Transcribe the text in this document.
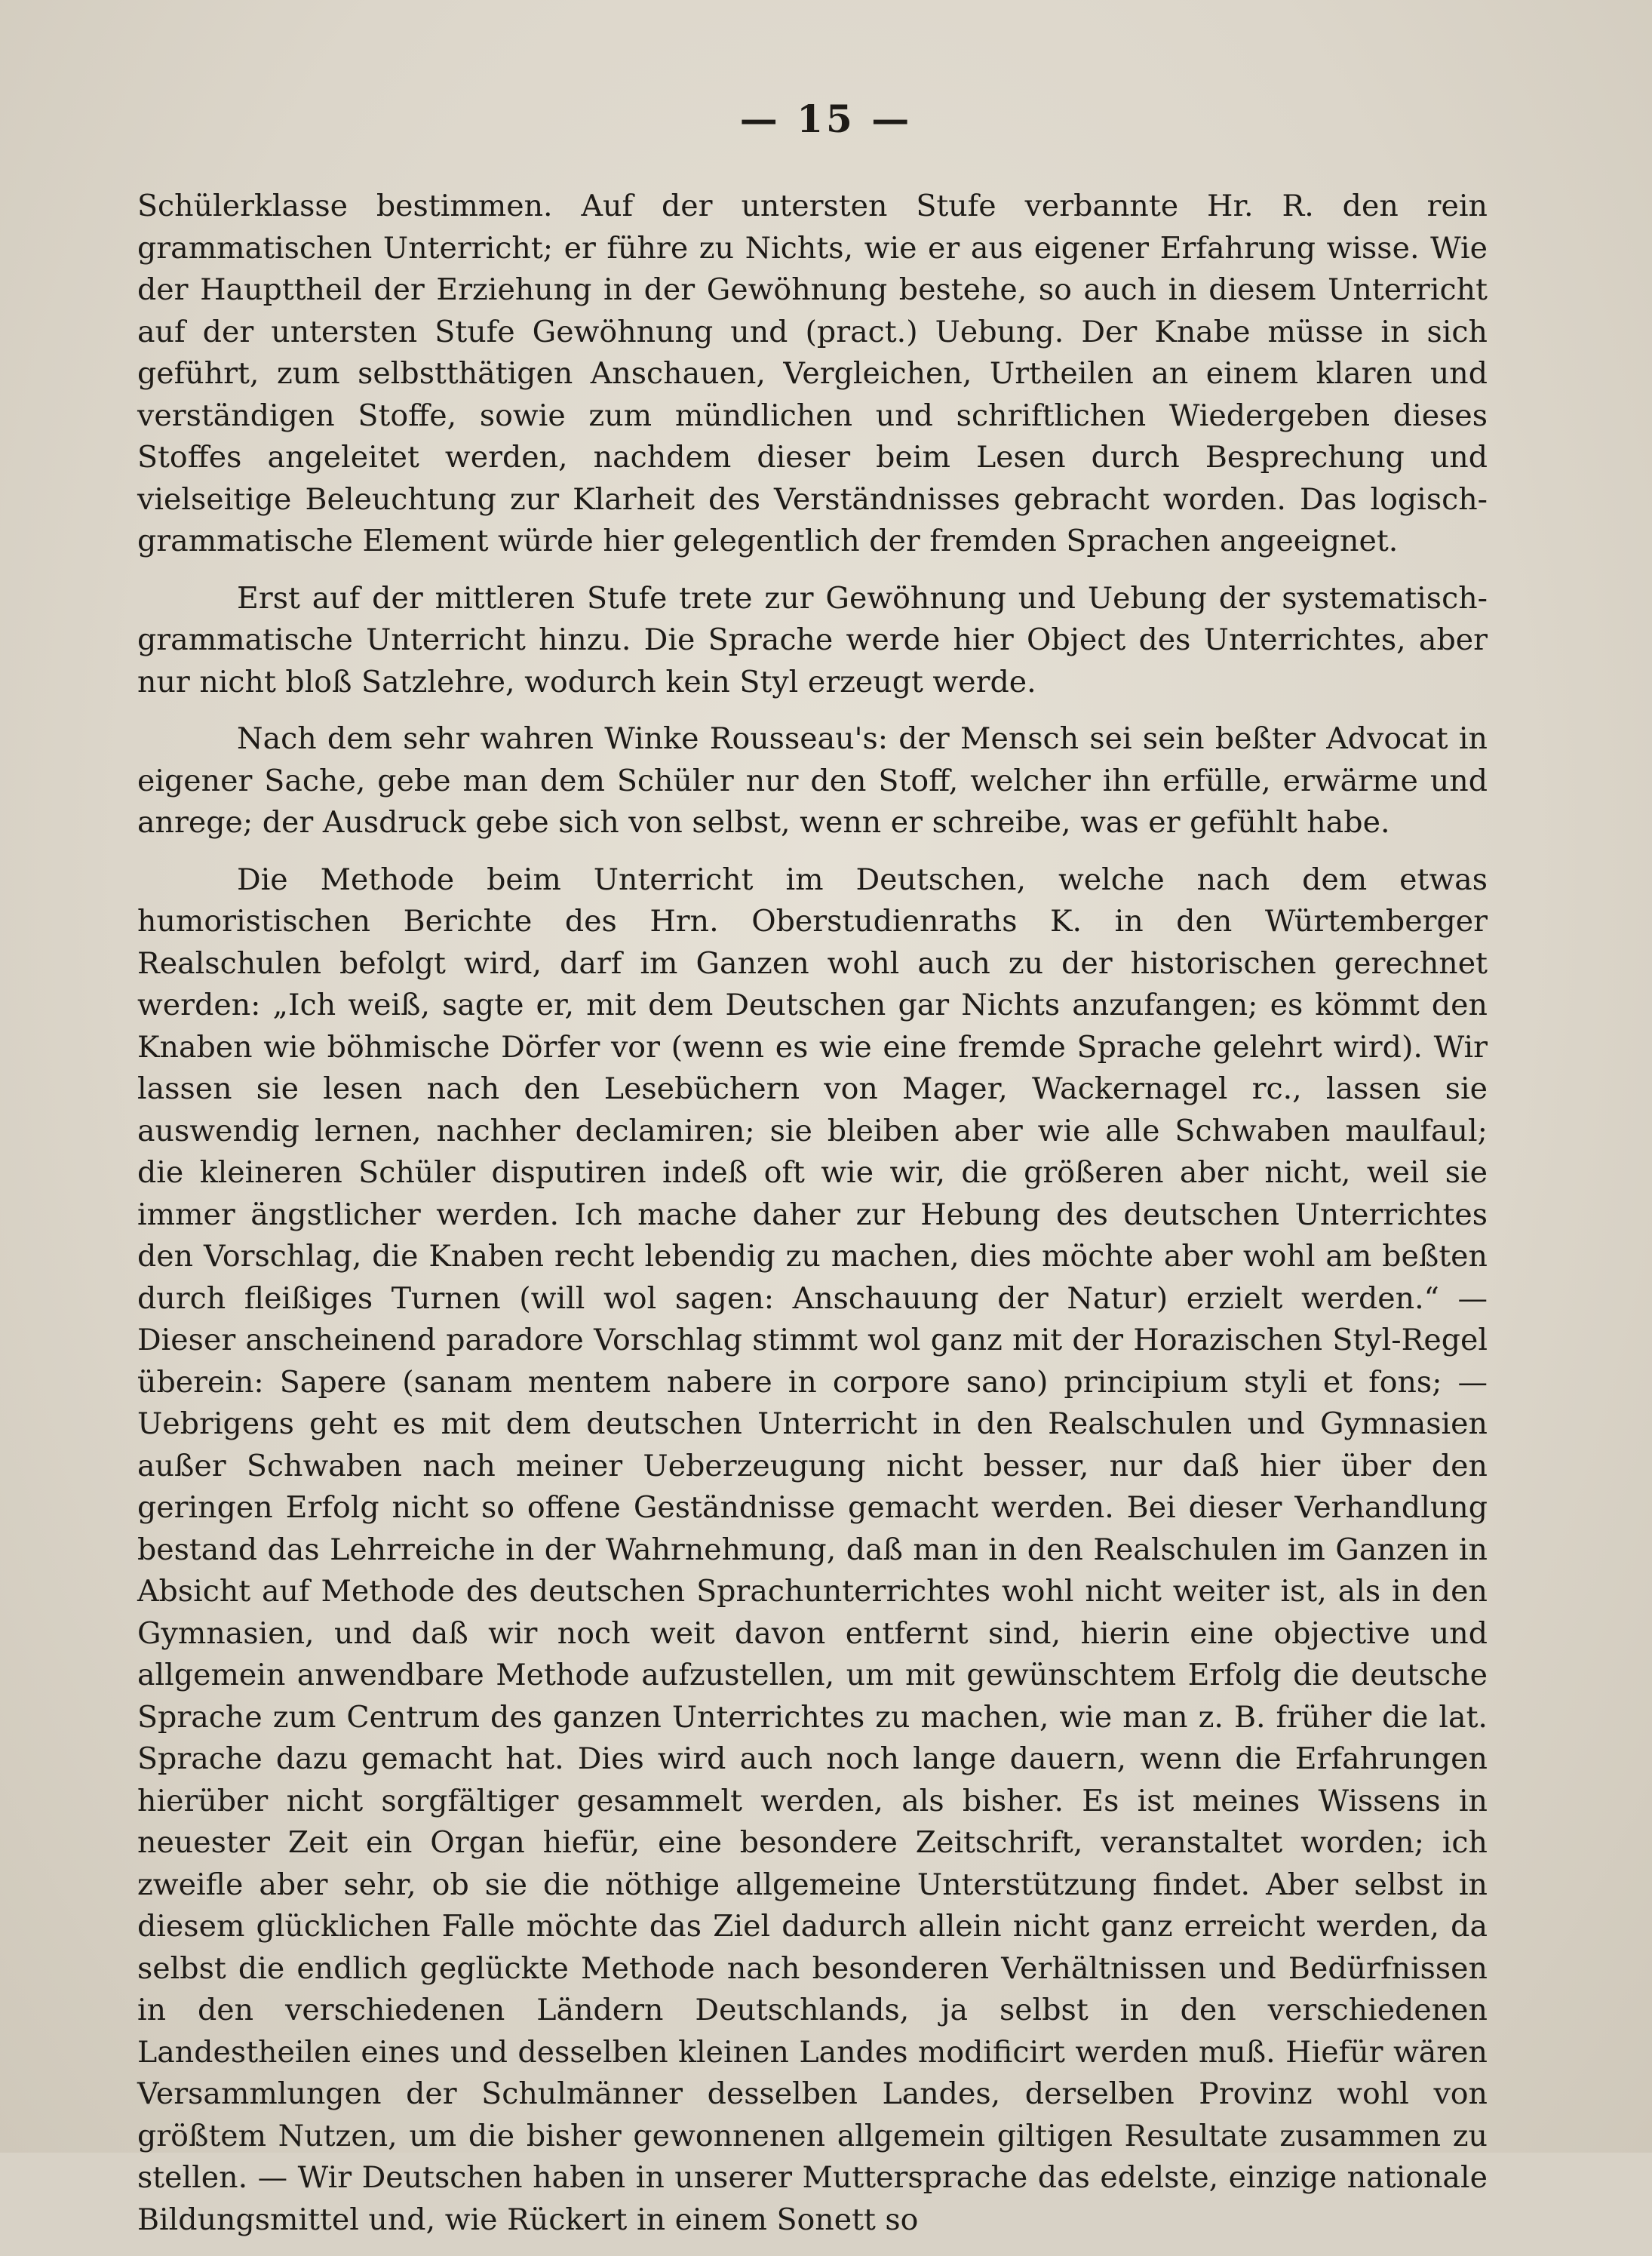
— 15 —

Schülerklasse bestimmen. Auf der untersten Stufe verbannte Hr. R. den rein grammatischen Unterricht; er führe zu Nichts, wie er aus eigener Erfahrung wisse. Wie der Haupttheil der Erziehung in der Gewöhnung bestehe, so auch in diesem Unterricht auf der untersten Stufe Gewöhnung und (pract.) Uebung. Der Knabe müsse in sich geführt, zum selbstthätigen Anschauen, Vergleichen, Urtheilen an einem klaren und verständigen Stoffe, sowie zum mündlichen und schriftlichen Wiedergeben dieses Stoffes angeleitet werden, nachdem dieser beim Lesen durch Besprechung und vielseitige Beleuchtung zur Klarheit des Verständnisses gebracht worden. Das logisch-grammatische Element würde hier gelegentlich der fremden Sprachen angeeignet.

Erst auf der mittleren Stufe trete zur Gewöhnung und Uebung der systematisch-grammatische Unterricht hinzu. Die Sprache werde hier Object des Unterrichtes, aber nur nicht bloß Satzlehre, wodurch kein Styl erzeugt werde.

Nach dem sehr wahren Winke Rousseau's: der Mensch sei sein beßter Advocat in eigener Sache, gebe man dem Schüler nur den Stoff, welcher ihn erfülle, erwärme und anrege; der Ausdruck gebe sich von selbst, wenn er schreibe, was er gefühlt habe.

Die Methode beim Unterricht im Deutschen, welche nach dem etwas humoristischen Berichte des Hrn. Oberstudienraths K. in den Würtemberger Realschulen befolgt wird, darf im Ganzen wohl auch zu der historischen gerechnet werden: „Ich weiß, sagte er, mit dem Deutschen gar Nichts anzufangen; es kömmt den Knaben wie böhmische Dörfer vor (wenn es wie eine fremde Sprache gelehrt wird). Wir lassen sie lesen nach den Lesebüchern von Mager, Wackernagel rc., lassen sie auswendig lernen, nachher declamiren; sie bleiben aber wie alle Schwaben maulfaul; die kleineren Schüler disputiren indeß oft wie wir, die größeren aber nicht, weil sie immer ängstlicher werden. Ich mache daher zur Hebung des deutschen Unterrichtes den Vorschlag, die Knaben recht lebendig zu machen, dies möchte aber wohl am beßten durch fleißiges Turnen (will wol sagen: Anschauung der Natur) erzielt werden.“ — Dieser anscheinend paradore Vorschlag stimmt wol ganz mit der Horazischen Styl-Regel überein: Sapere (sanam mentem nabere in corpore sano) principium styli et fons; — Uebrigens geht es mit dem deutschen Unterricht in den Realschulen und Gymnasien außer Schwaben nach meiner Ueberzeugung nicht besser, nur daß hier über den geringen Erfolg nicht so offene Geständnisse gemacht werden. Bei dieser Verhandlung bestand das Lehrreiche in der Wahrnehmung, daß man in den Realschulen im Ganzen in Absicht auf Methode des deutschen Sprachunterrichtes wohl nicht weiter ist, als in den Gymnasien, und daß wir noch weit davon entfernt sind, hierin eine objective und allgemein anwendbare Methode aufzustellen, um mit gewünschtem Erfolg die deutsche Sprache zum Centrum des ganzen Unterrichtes zu machen, wie man z. B. früher die lat. Sprache dazu gemacht hat. Dies wird auch noch lange dauern, wenn die Erfahrungen hierüber nicht sorgfältiger gesammelt werden, als bisher. Es ist meines Wissens in neuester Zeit ein Organ hiefür, eine besondere Zeitschrift, veranstaltet worden; ich zweifle aber sehr, ob sie die nöthige allgemeine Unterstützung findet. Aber selbst in diesem glücklichen Falle möchte das Ziel dadurch allein nicht ganz erreicht werden, da selbst die endlich geglückte Methode nach besonderen Verhältnissen und Bedürfnissen in den verschiedenen Ländern Deutschlands, ja selbst in den verschiedenen Landestheilen eines und desselben kleinen Landes modificirt werden muß. Hiefür wären Versammlungen der Schulmänner desselben Landes, derselben Provinz wohl von größtem Nutzen, um die bisher gewonnenen allgemein giltigen Resultate zusammen zu stellen. — Wir Deutschen haben in unserer Muttersprache das edelste, einzige nationale Bildungsmittel und, wie Rückert in einem Sonett so
